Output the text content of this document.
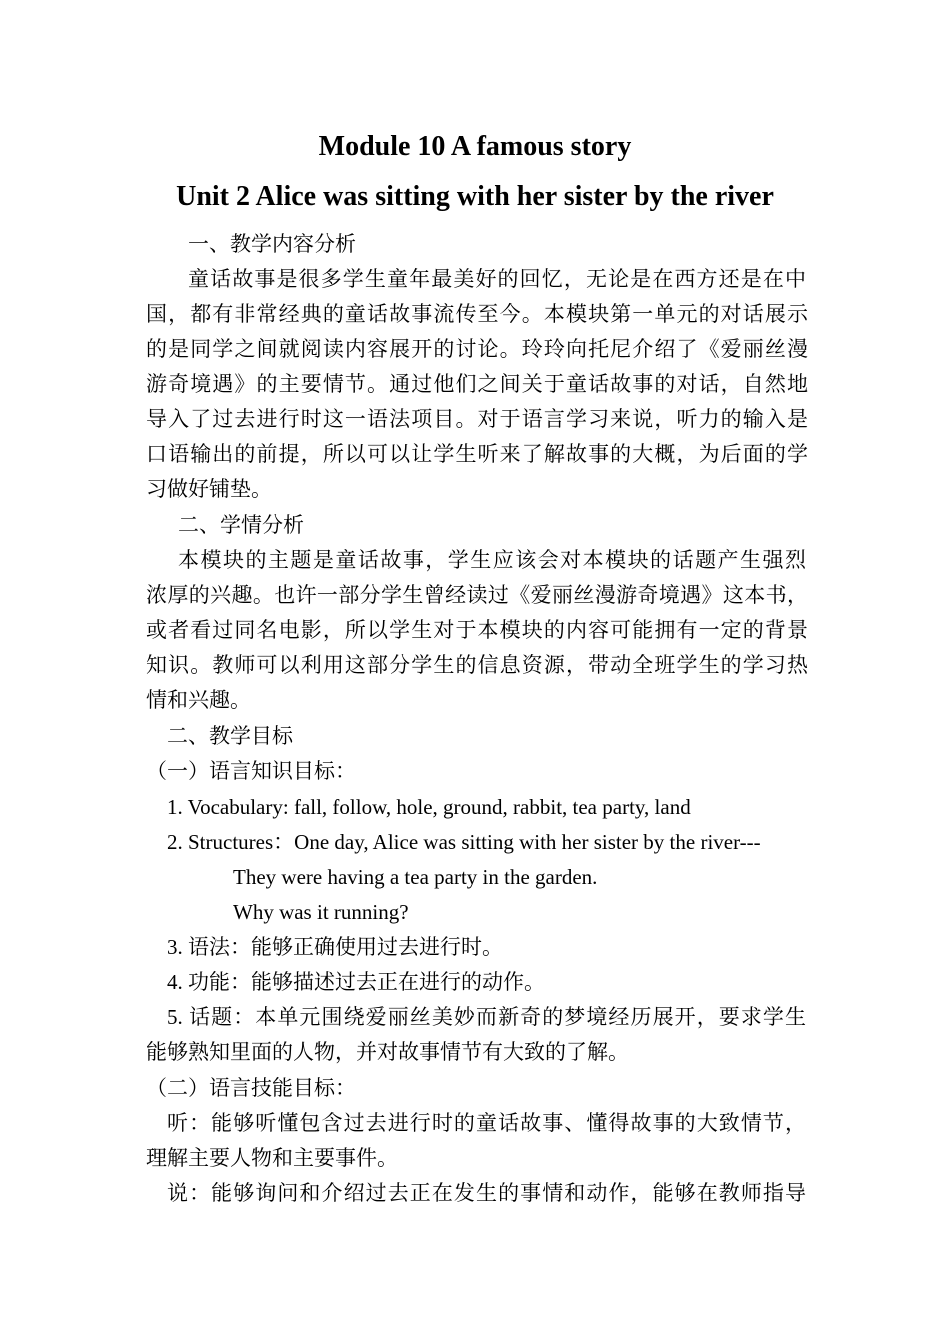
Module 10 A famous story
Unit 2 Alice was sitting with her sister by the river
一、教学内容分析
童话故事是很多学生童年最美好的回忆，无论是在西方还是在中
国，都有非常经典的童话故事流传至今。本模块第一单元的对话展示
的是同学之间就阅读内容展开的讨论。玲玲向托尼介绍了《爱丽丝漫
游奇境遇》的主要情节。通过他们之间关于童话故事的对话，自然地
导入了过去进行时这一语法项目。对于语言学习来说，听力的输入是
口语输出的前提，所以可以让学生听来了解故事的大概，为后面的学
习做好铺垫。
二、学情分析
本模块的主题是童话故事，学生应该会对本模块的话题产生强烈
浓厚的兴趣。也许一部分学生曾经读过《爱丽丝漫游奇境遇》这本书，
或者看过同名电影，所以学生对于本模块的内容可能拥有一定的背景
知识。教师可以利用这部分学生的信息资源，带动全班学生的学习热
情和兴趣。
二、教学目标
（一）语言知识目标：
1. Vocabulary: fall, follow, hole, ground, rabbit, tea party, land
2. Structures：One day, Alice was sitting with her sister by the river---
They were having a tea party in the garden.
Why was it running?
3. 语法：能够正确使用过去进行时。
4. 功能：能够描述过去正在进行的动作。
5. 话题：本单元围绕爱丽丝美妙而新奇的梦境经历展开，要求学生
能够熟知里面的人物，并对故事情节有大致的了解。
（二）语言技能目标：
听：能够听懂包含过去进行时的童话故事、懂得故事的大致情节，
理解主要人物和主要事件。
说：能够询问和介绍过去正在发生的事情和动作，能够在教师指导
